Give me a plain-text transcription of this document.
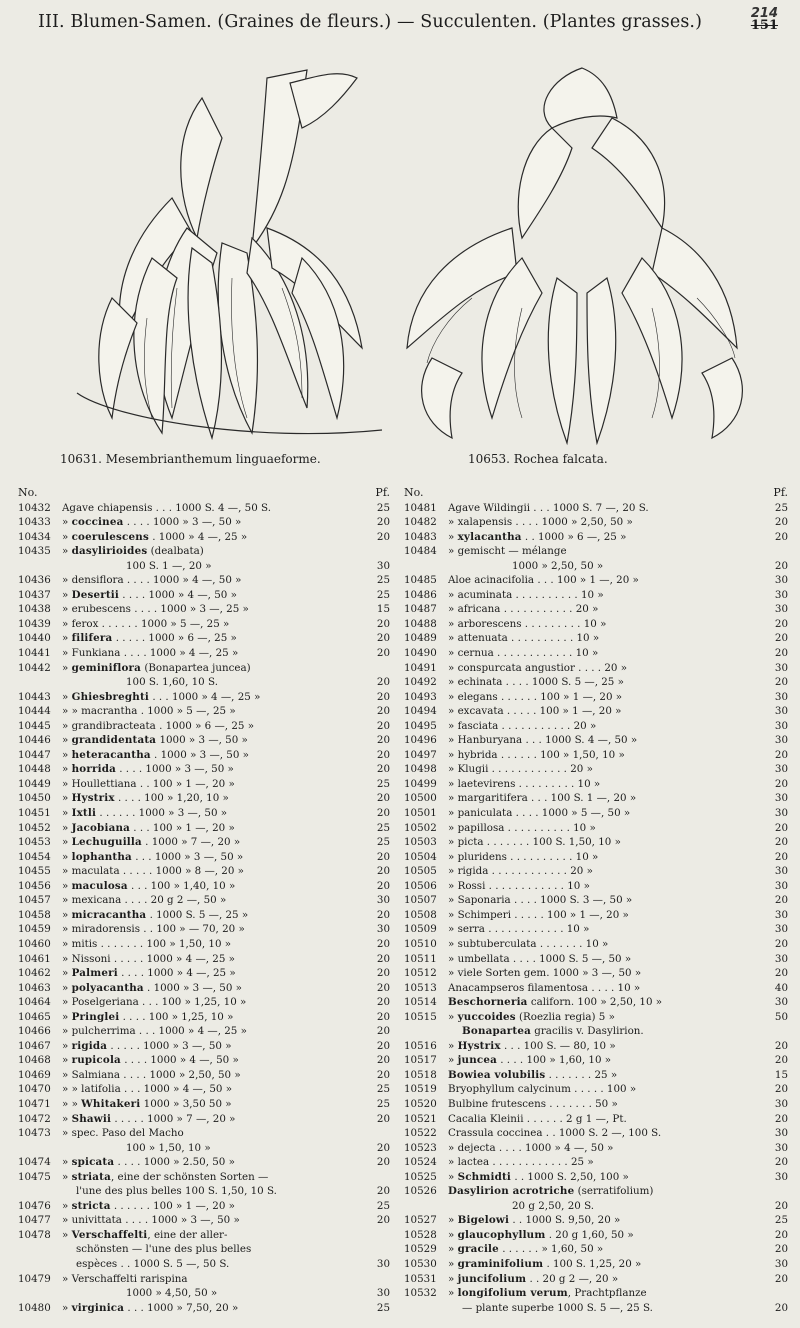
III. Blumen-Samen. (Graines de fleurs.) — Succulenten. (Plantes grasses.)	214
151
10631. Mesembrianthemum linguaeforme.	10653. Rochea falcata.
No.	Pf.
10432	Agave chiapensis . . . 1000 S. 4 —, 50 S.	25
10433	» coccinea . . . . 1000 » 3 —, 50 »	20
10434	» coerulescens . 1000 » 4 —, 25 »	20
10435	» dasylirioides (dealbata)
100 S. 1 —, 20 »	30
10436	» densiflora . . . . 1000 » 4 —, 50 »	25
10437	» Desertii . . . . 1000 » 4 —, 50 »	25
10438	» erubescens . . . . 1000 » 3 —, 25 »	15
10439	» ferox . . . . . . 1000 » 5 —, 25 »	20
10440	» filifera . . . . . 1000 » 6 —, 25 »	20
10441	» Funkiana . . . . 1000 » 4 —, 25 »	20
10442	» geminiflora (Bonapartea juncea)
100 S. 1,60, 10 S.	20
10443	» Ghiesbreghti . . . 1000 » 4 —, 25 »	20
10444	» » macrantha . 1000 » 5 —, 25 »	20
10445	» grandibracteata . 1000 » 6 —, 25 »	20
10446	» grandidentata 1000 » 3 —, 50 »	20
10447	» heteracantha . 1000 » 3 —, 50 »	20
10448	» horrida . . . . 1000 » 3 —, 50 »	20
10449	» Houllettiana . . 100 » 1 —, 20 »	25
10450	» Hystrix . . . . 100 » 1,20, 10 »	20
10451	» Ixtli . . . . . . 1000 » 3 —, 50 »	20
10452	» Jacobiana . . . 100 » 1 —, 20 »	25
10453	» Lechuguilla . 1000 » 7 —, 20 »	25
10454	» lophantha . . . 1000 » 3 —, 50 »	20
10455	» maculata . . . . . 1000 » 8 —, 20 »	20
10456	» maculosa . . . 100 » 1,40, 10 »	20
10457	» mexicana . . . . 20 g 2 —, 50 »	30
10458	» micracantha . 1000 S. 5 —, 25 »	20
10459	» miradorensis . . 100 » — 70, 20 »	30
10460	» mitis . . . . . . . 100 » 1,50, 10 »	20
10461	» Nissoni . . . . . 1000 » 4 —, 25 »	20
10462	» Palmeri . . . . 1000 » 4 —, 25 »	20
10463	» polyacantha . 1000 » 3 —, 50 »	20
10464	» Poselgeriana . . . 100 » 1,25, 10 »	20
10465	» Pringlei . . . . 100 » 1,25, 10 »	20
10466	» pulcherrima . . . 1000 » 4 —, 25 »	20
10467	» rigida . . . . . 1000 » 3 —, 50 »	20
10468	» rupicola . . . . 1000 » 4 —, 50 »	20
10469	» Salmiana . . . . 1000 » 2,50, 50 »	20
10470	» » latifolia . . . 1000 » 4 —, 50 »	25
10471	» » Whitakeri 1000 » 3,50 50 »	25
10472	» Shawii . . . . . 1000 » 7 —, 20 »	20
10473	» spec. Paso del Macho
100 » 1,50, 10 »	20
10474	» spicata . . . . 1000 » 2.50, 50 »	20
10475	» striata, eine der schönsten Sorten —
l'une des plus belles 100 S. 1,50, 10 S.	20
10476	» stricta . . . . . . 100 » 1 —, 20 »	25
10477	» univittata . . . . 1000 » 3 —, 50 »	20
10478	» Verschaffelti, eine der aller-
schönsten — l'une des plus belles
espèces . . 1000 S. 5 —, 50 S.	30
10479	» Verschaffelti rarispina
1000 » 4,50, 50 »	30
10480	» virginica . . . 1000 » 7,50, 20 »	25
No.	Pf.
10481	Agave Wildingii . . . 1000 S. 7 —, 20 S.	25
10482	» xalapensis . . . . 1000 » 2,50, 50 »	20
10483	» xylacantha . . 1000 » 6 —, 25 »	20
10484	» gemischt — mélange
1000 » 2,50, 50 »	20
10485	Aloe acinacifolia . . . 100 » 1 —, 20 »	30
10486	» acuminata . . . . . . . . . . 10 »	30
10487	» africana . . . . . . . . . . . 20 »	30
10488	» arborescens . . . . . . . . . 10 »	20
10489	» attenuata . . . . . . . . . . 10 »	20
10490	» cernua . . . . . . . . . . . . 10 »	20
10491	» conspurcata angustior . . . . 20 »	30
10492	» echinata . . . . 1000 S. 5 —, 25 »	20
10493	» elegans . . . . . . 100 » 1 —, 20 »	30
10494	» excavata . . . . . 100 » 1 —, 20 »	30
10495	» fasciata . . . . . . . . . . . 20 »	30
10496	» Hanburyana . . . 1000 S. 4 —, 50 »	30
10497	» hybrida . . . . . . 100 » 1,50, 10 »	20
10498	» Klugii . . . . . . . . . . . . 20 »	30
10499	» laetevirens . . . . . . . . . 10 »	20
10500	» margaritifera . . . 100 S. 1 —, 20 »	30
10501	» paniculata . . . . 1000 » 5 —, 50 »	30
10502	» papillosa . . . . . . . . . . 10 »	20
10503	» picta . . . . . . . 100 S. 1,50, 10 »	20
10504	» pluridens . . . . . . . . . . 10 »	20
10505	» rigida . . . . . . . . . . . . 20 »	30
10506	» Rossi . . . . . . . . . . . . 10 »	30
10507	» Saponaria . . . . 1000 S. 3 —, 50 »	20
10508	» Schimperi . . . . . 100 » 1 —, 20 »	30
10509	» serra . . . . . . . . . . . . 10 »	30
10510	» subtuberculata . . . . . . . 10 »	20
10511	» umbellata . . . . 1000 S. 5 —, 50 »	30
10512	» viele Sorten gem. 1000 » 3 —, 50 »	20
10513	Anacampseros filamentosa . . . . 10 »	40
10514	Beschorneria californ. 100 » 2,50, 10 »	30
10515	» yuccoides (Roezlia regia) 5 »	50
Bonapartea gracilis v. Dasylirion.
10516	» Hystrix . . . 100 S. — 80, 10 »	20
10517	» juncea . . . . 100 » 1,60, 10 »	20
10518	Bowiea volubilis . . . . . . . 25 »	15
10519	Bryophyllum calycinum . . . . . 100 »	20
10520	Bulbine frutescens . . . . . . . 50 »	30
10521	Cacalia Kleinii . . . . . . 2 g 1 —, Pt.	20
10522	Crassula coccinea . . 1000 S. 2 —, 100 S.	30
10523	» dejecta . . . . 1000 » 4 —, 50 »	30
10524	» lactea . . . . . . . . . . . . 25 »	20
10525	» Schmidti . . 1000 S. 2,50, 100 »	30
10526	Dasylirion acrotriche (serratifolium)
20 g 2,50, 20 S.	20
10527	» Bigelowi . . 1000 S. 9,50, 20 »	25
10528	» glaucophyllum . 20 g 1,60, 50 »	20
10529	» gracile . . . . . . » 1,60, 50 »	20
10530	» graminifolium . 100 S. 1,25, 20 »	30
10531	» juncifolium . . 20 g 2 —, 20 »	20
10532	» longifolium verum, Prachtpflanze
— plante superbe 1000 S. 5 —, 25 S.	20
